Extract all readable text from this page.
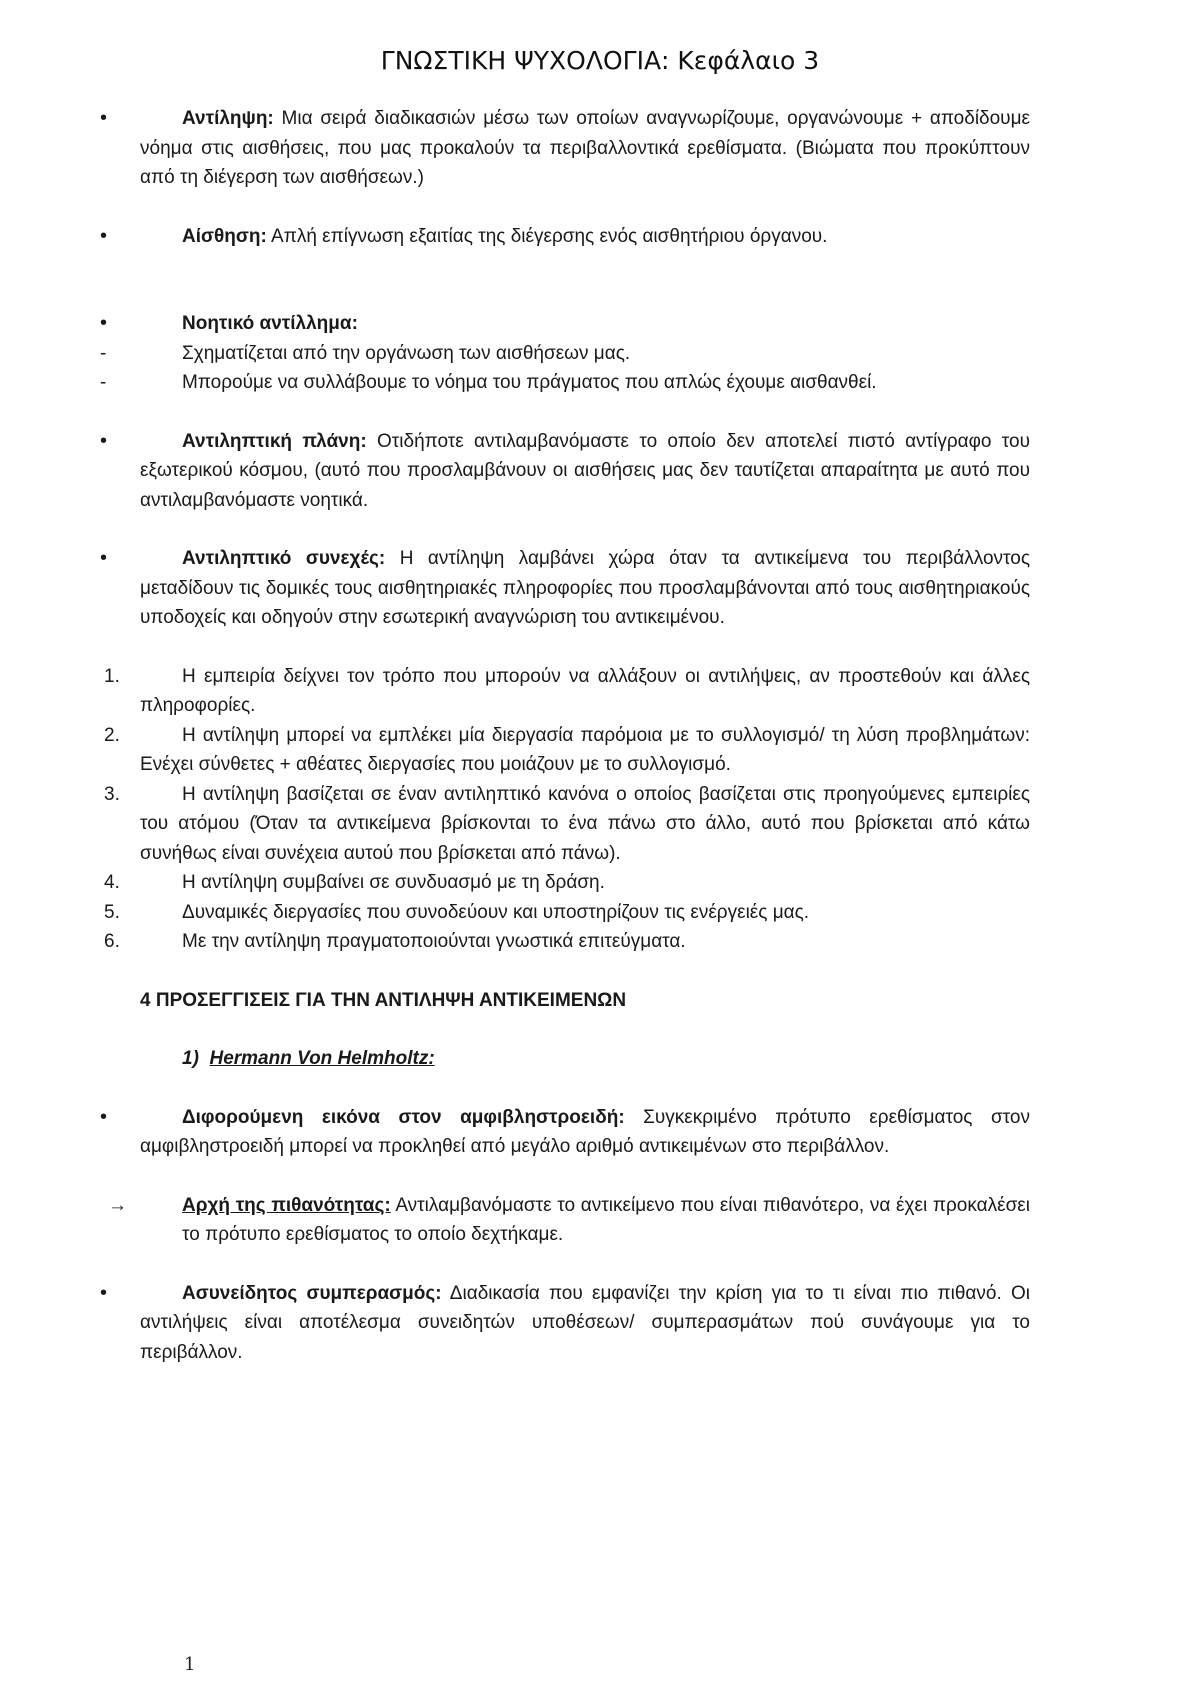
ΓΝΩΣΤΙΚΗ ΨΥΧΟΛΟΓΙΑ: Κεφάλαιο 3
•	Αντίληψη: Μια σειρά διαδικασιών μέσω των οποίων αναγνωρίζουμε, οργανώνουμε + αποδίδουμε νόημα στις αισθήσεις, που μας προκαλούν τα περιβαλλοντικά ερεθίσματα. (Βιώματα που προκύπτουν από τη διέγερση των αισθήσεων.)
•	Αίσθηση: Απλή επίγνωση εξαιτίας της διέγερσης ενός αισθητήριου όργανου.
•	Νοητικό αντίλλημα:
-	Σχηματίζεται από την οργάνωση των αισθήσεων μας.
-	Μπορούμε να συλλάβουμε το νόημα του πράγματος που απλώς έχουμε αισθανθεί.
•	Αντιληπτική πλάνη: Οτιδήποτε αντιλαμβανόμαστε το οποίο δεν αποτελεί πιστό αντίγραφο του εξωτερικού κόσμου, (αυτό που προσλαμβάνουν οι αισθήσεις μας δεν ταυτίζεται απαραίτητα με αυτό που αντιλαμβανόμαστε νοητικά.
•	Αντιληπτικό συνεχές: Η αντίληψη λαμβάνει χώρα όταν τα αντικείμενα του περιβάλλοντος μεταδίδουν τις δομικές τους αισθητηριακές πληροφορίες που προσλαμβάνονται από τους αισθητηριακούς υποδοχείς και οδηγούν στην εσωτερική αναγνώριση του αντικειμένου.
1.	Η εμπειρία δείχνει τον τρόπο που μπορούν να αλλάξουν οι αντιλήψεις, αν προστεθούν και άλλες πληροφορίες.
2.	Η αντίληψη μπορεί να εμπλέκει μία διεργασία παρόμοια με το συλλογισμό/ τη λύση προβλημάτων: Ενέχει σύνθετες + αθέατες διεργασίες που μοιάζουν με το συλλογισμό.
3.	Η αντίληψη βασίζεται σε έναν αντιληπτικό κανόνα ο οποίος βασίζεται στις προηγούμενες εμπειρίες του ατόμου (Όταν τα αντικείμενα βρίσκονται το ένα πάνω στο άλλο, αυτό που βρίσκεται από κάτω συνήθως είναι συνέχεια αυτού που βρίσκεται από πάνω).
4.	Η αντίληψη συμβαίνει σε συνδυασμό με τη δράση.
5.	Δυναμικές διεργασίες που συνοδεύουν και υποστηρίζουν τις ενέργειές μας.
6.	Με την αντίληψη πραγματοποιούνται γνωστικά επιτεύγματα.
4 ΠΡΟΣΕΓΓΙΣΕΙΣ ΓΙΑ ΤΗΝ ΑΝΤΙΛΗΨΗ ΑΝΤΙΚΕΙΜΕΝΩΝ
1) Hermann Von Helmholtz:
•	Διφορούμενη εικόνα στον αμφιβληστροειδή: Συγκεκριμένο πρότυπο ερεθίσματος στον αμφιβληστροειδή μπορεί να προκληθεί από μεγάλο αριθμό αντικειμένων στο περιβάλλον.
→	Αρχή της πιθανότητας: Αντιλαμβανόμαστε το αντικείμενο που είναι πιθανότερο, να έχει προκαλέσει το πρότυπο ερεθίσματος το οποίο δεχτήκαμε.
•	Ασυνείδητος συμπερασμός: Διαδικασία που εμφανίζει την κρίση για το τι είναι πιο πιθανό. Οι αντιλήψεις είναι αποτέλεσμα συνειδητών υποθέσεων/ συμπερασμάτων πού συνάγουμε για το περιβάλλον.
1
